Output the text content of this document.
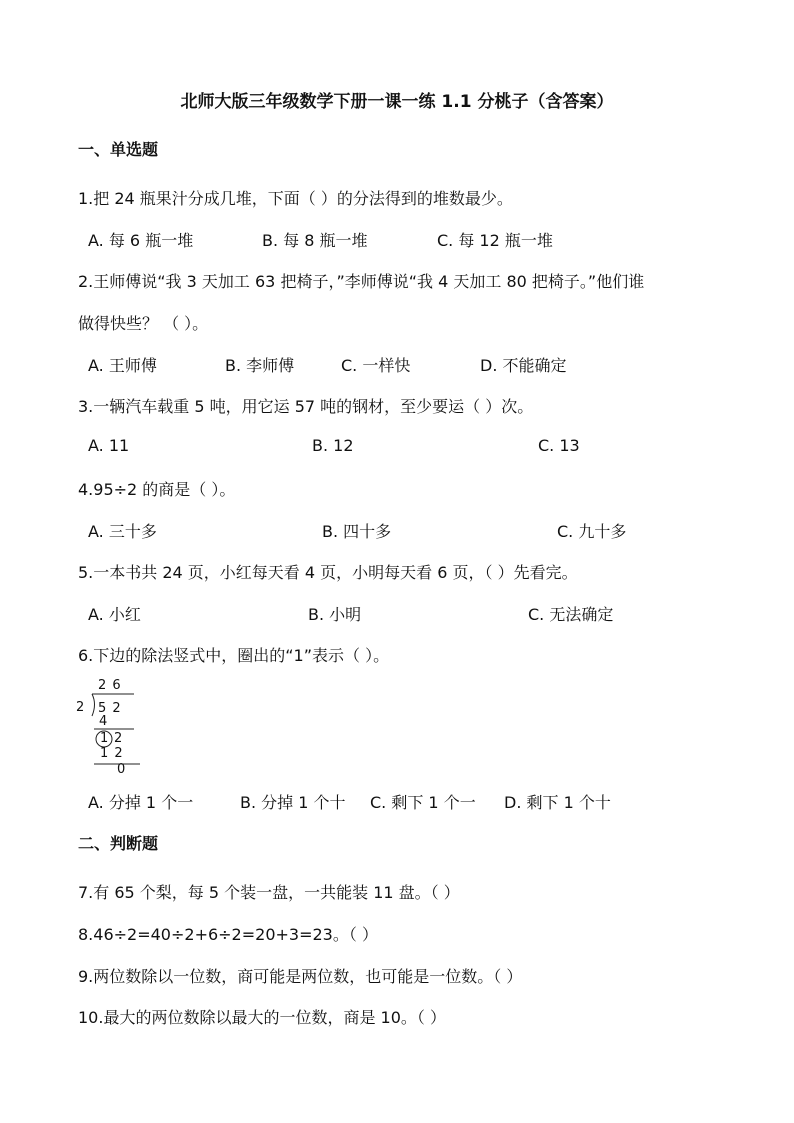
北师大版三年级数学下册一课一练 1.1 分桃子（含答案）
一、单选题
1.把 24 瓶果汁分成几堆，下面（ ）的分法得到的堆数最少。
A. 每 6 瓶一堆	B. 每 8 瓶一堆	C. 每 12 瓶一堆
2.王师傅说“我 3 天加工 63 把椅子，”李师傅说“我 4 天加工 80 把椅子。”他们谁
做得快些？ （ ）。
A. 王师傅	B. 李师傅	C. 一样快	D. 不能确定
3.一辆汽车载重 5 吨，用它运 57 吨的钢材，至少要运（ ）次。
A. 11	B. 12	C. 13
4.95÷2 的商是（ ）。
A. 三十多	B. 四十多	C. 九十多
5.一本书共 24 页，小红每天看 4 页，小明每天看 6 页，（ ）先看完。
A. 小红	B. 小明	C. 无法确定
6.下边的除法竖式中，圈出的“1”表示（ ）。
2 6
2 5 2
4
1 2
1 2
0
A. 分掉 1 个一	B. 分掉 1 个十 C. 剩下 1 个一 D. 剩下 1 个十
二、判断题
7.有 65 个梨，每 5 个装一盘，一共能装 11 盘。（ ）
8.46÷2=40÷2+6÷2=20+3=23。（ ）
9.两位数除以一位数，商可能是两位数，也可能是一位数。（ ）
10.最大的两位数除以最大的一位数，商是 10。（ ）
